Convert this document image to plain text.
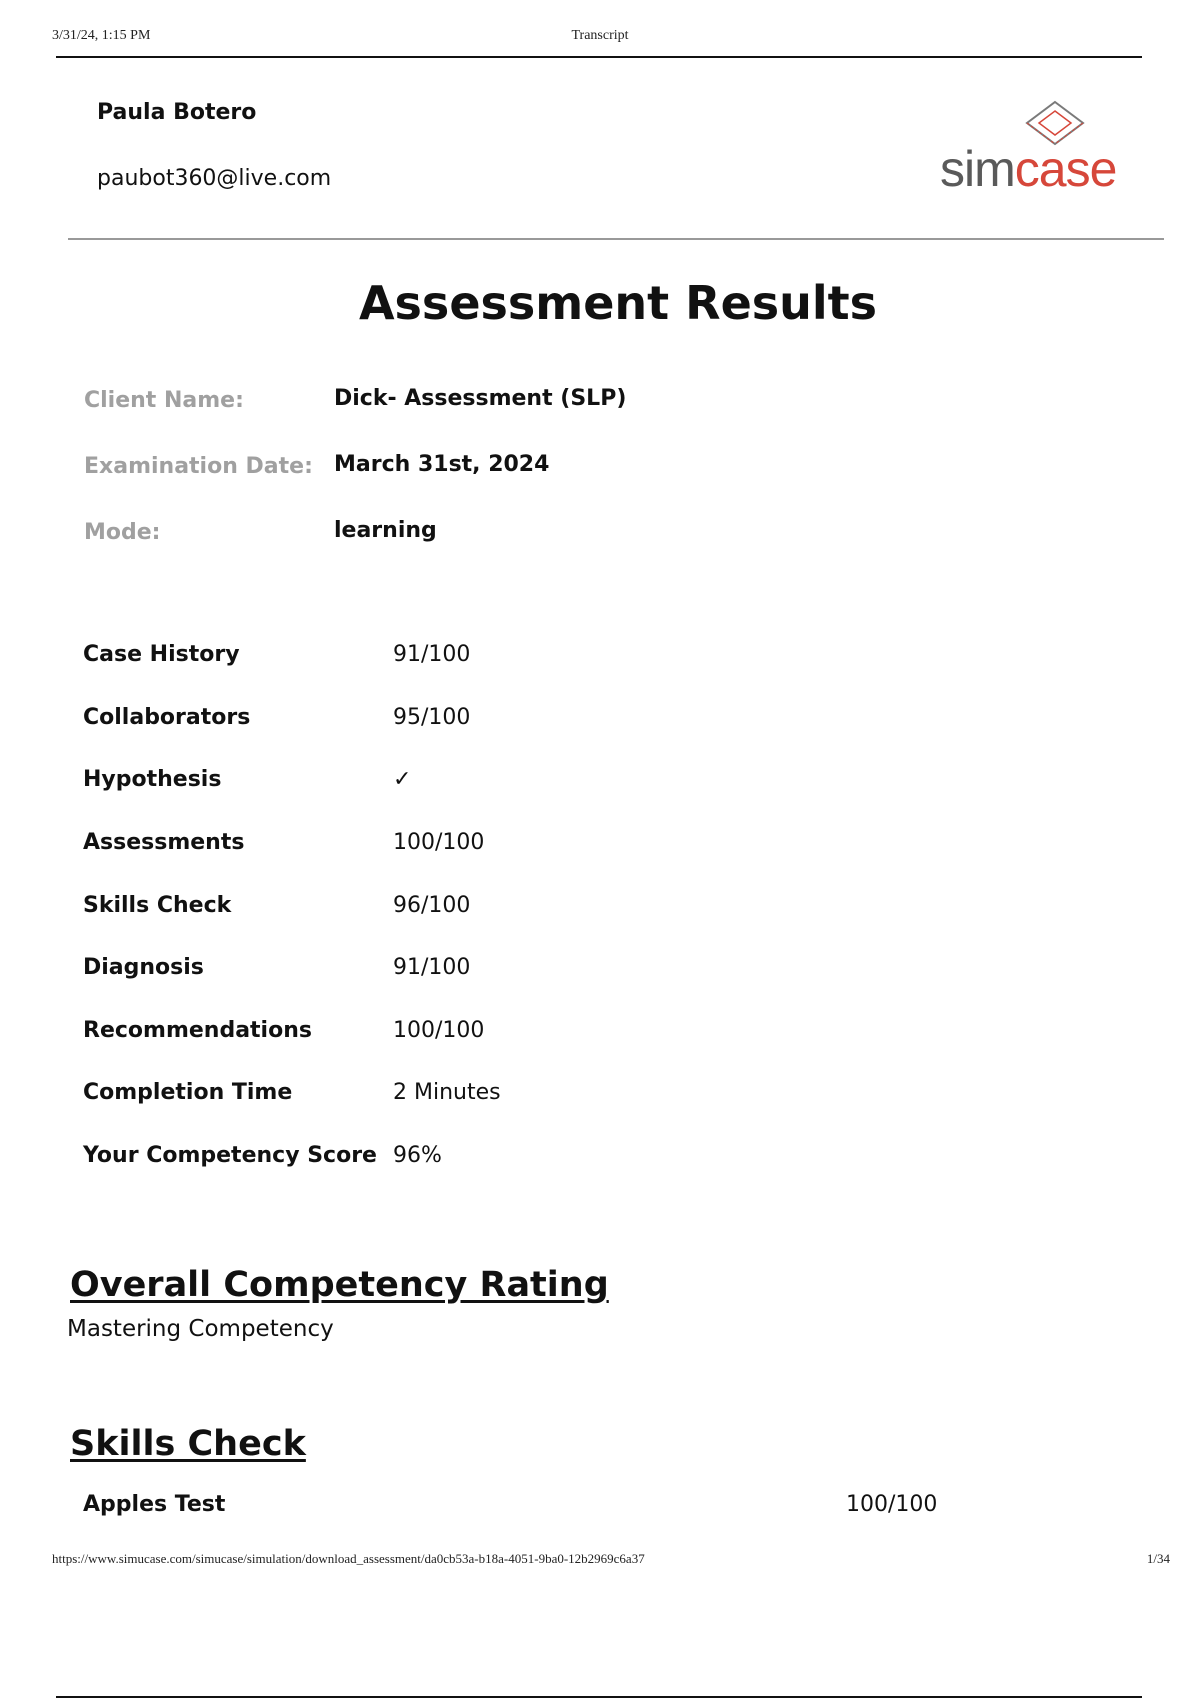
3/31/24, 1:15 PM	Transcript
Paula Botero
paubot360@live.com	simcase
Assessment Results
Client Name:	Dick- Assessment (SLP)
Examination Date: March 31st, 2024
Mode:	learning
Case History	91/100
Collaborators	95/100
Hypothesis	✓
Assessments	100/100
Skills Check	96/100
Diagnosis	91/100
Recommendations	100/100
Completion Time	2 Minutes
Your Competency Score 96%
Overall Competency Rating
Mastering Competency
Skills Check
Apples Test	100/100
https://www.simucase.com/simucase/simulation/download_assessment/da0cb53a-b18a-4051-9ba0-12b2969c6a37	1/34
